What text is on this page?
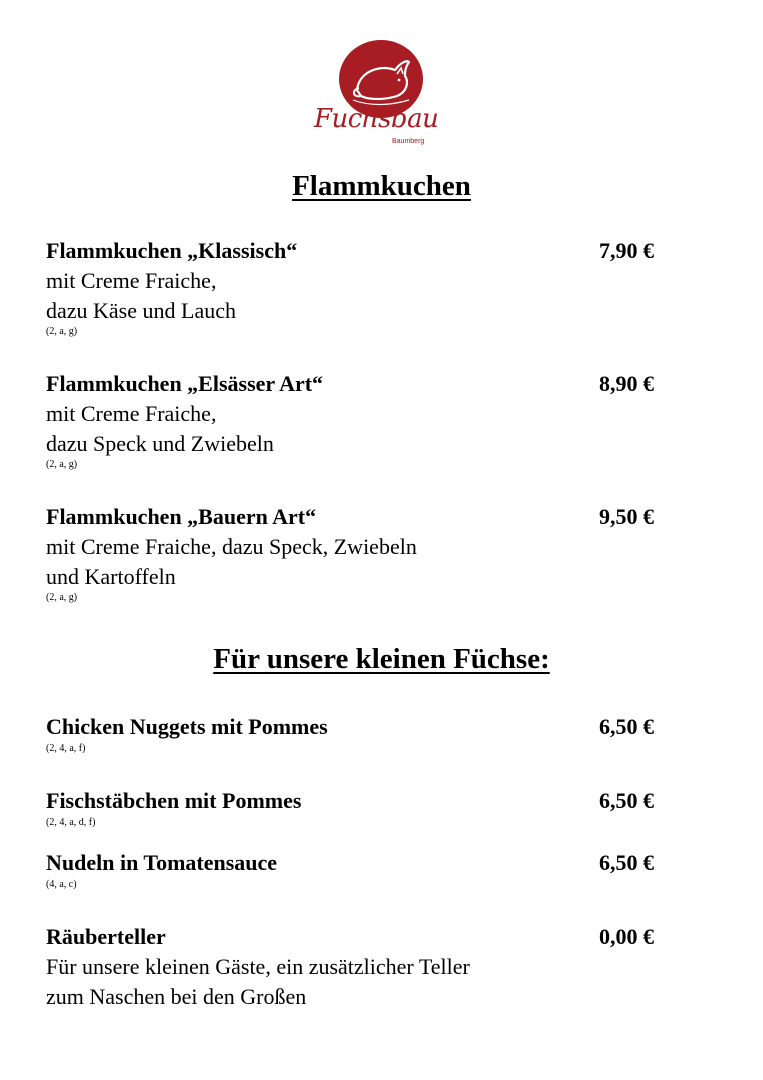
Fuchsbau
Baumberg
Flammkuchen
Flammkuchen „Klassisch“	7,90 €
mit Creme Fraiche,
dazu Käse und Lauch
(2, a, g)
Flammkuchen „Elsässer Art“	8,90 €
mit Creme Fraiche,
dazu Speck und Zwiebeln
(2, a, g)
Flammkuchen „Bauern Art“	9,50 €
mit Creme Fraiche, dazu Speck, Zwiebeln
und Kartoffeln
(2, a, g)
Für unsere kleinen Füchse:
Chicken Nuggets mit Pommes	6,50 €
(2, 4, a, f)
Fischstäbchen mit Pommes	6,50 €
(2, 4, a, d, f)
Nudeln in Tomatensauce	6,50 €
(4, a, c)
Räuberteller	0,00 €
Für unsere kleinen Gäste, ein zusätzlicher Teller
zum Naschen bei den Großen
